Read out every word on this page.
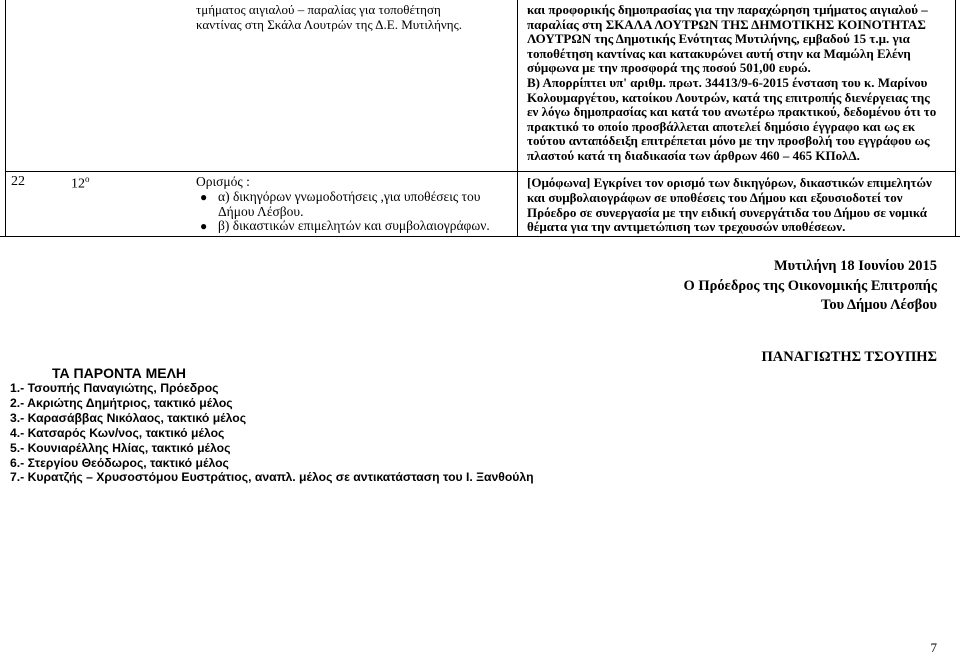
τμήματος αιγιαλού – παραλίας για τοποθέτηση
καντίνας στη Σκάλα Λουτρών της Δ.Ε. Μυτιλήνης.
και προφορικής δημοπρασίας για την παραχώρηση τμήματος αιγιαλού –
παραλίας στη ΣΚΑΛΑ ΛΟΥΤΡΩΝ ΤΗΣ ΔΗΜΟΤΙΚΗΣ ΚΟΙΝΟΤΗΤΑΣ
ΛΟΥΤΡΩΝ της Δημοτικής Ενότητας Μυτιλήνης, εμβαδού 15 τ.μ. για
τοποθέτηση καντίνας και κατακυρώνει αυτή στην κα Μαμώλη Ελένη
σύμφωνα με την προσφορά της ποσού 501,00 ευρώ.
Β) Απορρίπτει υπ' αριθμ. πρωτ. 34413/9-6-2015 ένσταση του κ. Μαρίνου
Κολουμαργέτου, κατοίκου Λουτρών, κατά της επιτροπής διενέργειας της
εν λόγω δημοπρασίας και κατά του ανωτέρω πρακτικού, δεδομένου ότι το
πρακτικό το οποίο προσβάλλεται αποτελεί δημόσιο έγγραφο και ως εκ
τούτου ανταπόδειξη επιτρέπεται μόνο με την προσβολή του εγγράφου ως
πλαστού κατά τη διαδικασία των άρθρων 460 – 465 ΚΠολΔ.
22	$12^o$	Ορισμός :
● α) δικηγόρων γνωμοδοτήσεις ,για υποθέσεις του
Δήμου Λέσβου.
● β) δικαστικών επιμελητών και συμβολαιογράφων.
[Ομόφωνα] Εγκρίνει τον ορισμό των δικηγόρων, δικαστικών επιμελητών
και συμβολαιογράφων σε υποθέσεις του Δήμου και εξουσιοδοτεί τον
Πρόεδρο σε συνεργασία με την ειδική συνεργάτιδα του Δήμου σε νομικά
θέματα για την αντιμετώπιση των τρεχουσών υποθέσεων.
Μυτιλήνη 18 Ιουνίου 2015
Ο Πρόεδρος της Οικονομικής Επιτροπής
Του Δήμου Λέσβου
ΠΑΝΑΓΙΩΤΗΣ ΤΣΟΥΠΗΣ
ΤΑ ΠΑΡΟΝΤΑ ΜΕΛΗ
1.- Τσουπής Παναγιώτης, Πρόεδρος
2.- Ακριώτης Δημήτριος, τακτικό μέλος
3.- Καρασάββας Νικόλαος, τακτικό μέλος
4.- Κατσαρός Κων/νος, τακτικό μέλος
5.- Κουνιαρέλλης Ηλίας, τακτικό μέλος
6.- Στεργίου Θεόδωρος, τακτικό μέλος
7.- Κυρατζής – Χρυσοστόμου Ευστράτιος, αναπλ. μέλος σε αντικατάσταση του Ι. Ξανθούλη
7
